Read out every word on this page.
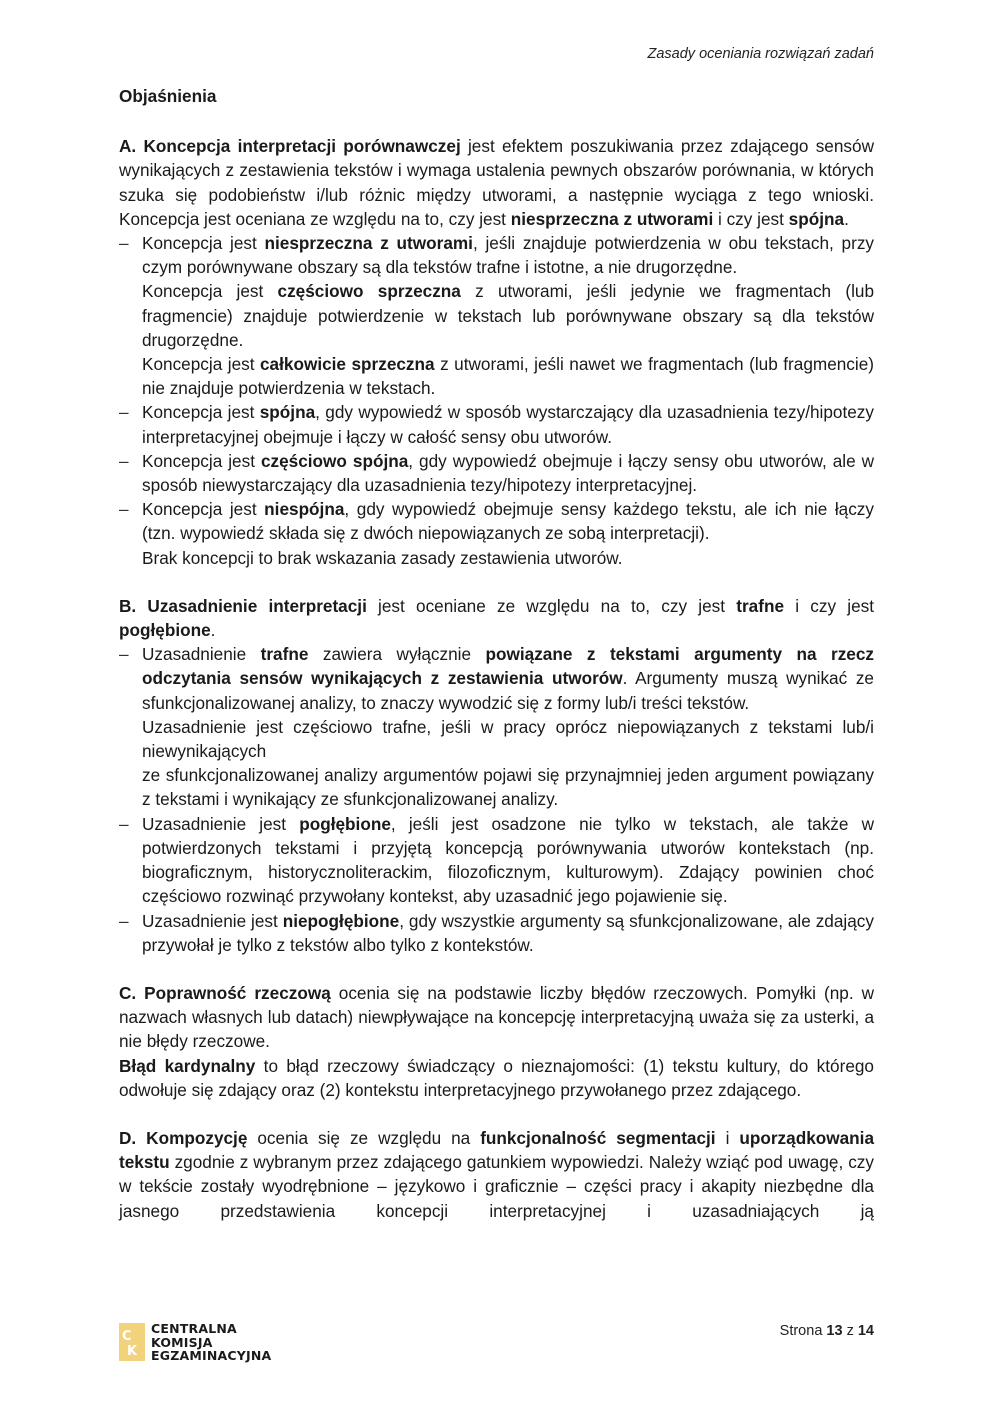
Zasady oceniania rozwiązań zadań
Objaśnienia

A. Koncepcja interpretacji porównawczej jest efektem poszukiwania przez zdającego sensów wynikających z zestawienia tekstów i wymaga ustalenia pewnych obszarów porównania, w których szuka się podobieństw i/lub różnic między utworami, a następnie wyciąga z tego wnioski. Koncepcja jest oceniana ze względu na to, czy jest niesprzeczna z utworami i czy jest spójna.

– Koncepcja jest niesprzeczna z utworami, jeśli znajduje potwierdzenia w obu tekstach, przy czym porównywane obszary są dla tekstów trafne i istotne, a nie drugorzędne.

Koncepcja jest częściowo sprzeczna z utworami, jeśli jedynie we fragmentach (lub fragmencie) znajduje potwierdzenie w tekstach lub porównywane obszary są dla tekstów drugorzędne.

Koncepcja jest całkowicie sprzeczna z utworami, jeśli nawet we fragmentach (lub fragmencie) nie znajduje potwierdzenia w tekstach.

– Koncepcja jest spójna, gdy wypowiedź w sposób wystarczający dla uzasadnienia tezy/hipotezy interpretacyjnej obejmuje i łączy w całość sensy obu utworów.

– Koncepcja jest częściowo spójna, gdy wypowiedź obejmuje i łączy sensy obu utworów, ale w sposób niewystarczający dla uzasadnienia tezy/hipotezy interpretacyjnej.

– Koncepcja jest niespójna, gdy wypowiedź obejmuje sensy każdego tekstu, ale ich nie łączy (tzn. wypowiedź składa się z dwóch niepowiązanych ze sobą interpretacji).

Brak koncepcji to brak wskazania zasady zestawienia utworów.

B. Uzasadnienie interpretacji jest oceniane ze względu na to, czy jest trafne i czy jest pogłębione.

– Uzasadnienie trafne zawiera wyłącznie powiązane z tekstami argumenty na rzecz odczytania sensów wynikających z zestawienia utworów. Argumenty muszą wynikać ze sfunkcjonalizowanej analizy, to znaczy wywodzić się z formy lub/i treści tekstów.

Uzasadnienie jest częściowo trafne, jeśli w pracy oprócz niepowiązanych z tekstami lub/i niewynikających

ze sfunkcjonalizowanej analizy argumentów pojawi się przynajmniej jeden argument powiązany z tekstami i wynikający ze sfunkcjonalizowanej analizy.

– Uzasadnienie jest pogłębione, jeśli jest osadzone nie tylko w tekstach, ale także w potwierdzonych tekstami i przyjętą koncepcją porównywania utworów kontekstach (np. biograficznym, historycznoliterackim, filozoficznym, kulturowym). Zdający powinien choć częściowo rozwinąć przywołany kontekst, aby uzasadnić jego pojawienie się.

– Uzasadnienie jest niepogłębione, gdy wszystkie argumenty są sfunkcjonalizowane, ale zdający przywołał je tylko z tekstów albo tylko z kontekstów.

C. Poprawność rzeczową ocenia się na podstawie liczby błędów rzeczowych. Pomyłki (np. w nazwach własnych lub datach) niewpływające na koncepcję interpretacyjną uważa się za usterki, a nie błędy rzeczowe.

Błąd kardynalny to błąd rzeczowy świadczący o nieznajomości: (1) tekstu kultury, do którego odwołuje się zdający oraz (2) kontekstu interpretacyjnego przywołanego przez zdającego.

D. Kompozycję ocenia się ze względu na funkcjonalność segmentacji i uporządkowania tekstu zgodnie z wybranym przez zdającego gatunkiem wypowiedzi. Należy wziąć pod uwagę, czy w tekście zostały wyodrębnione – językowo i graficznie – części pracy i akapity niezbędne dla jasnego przedstawienia koncepcji interpretacyjnej i uzasadniających ją

C
K
CENTRALNA
KOMISJA
EGZAMINACYJNA
Strona 13 z 14
